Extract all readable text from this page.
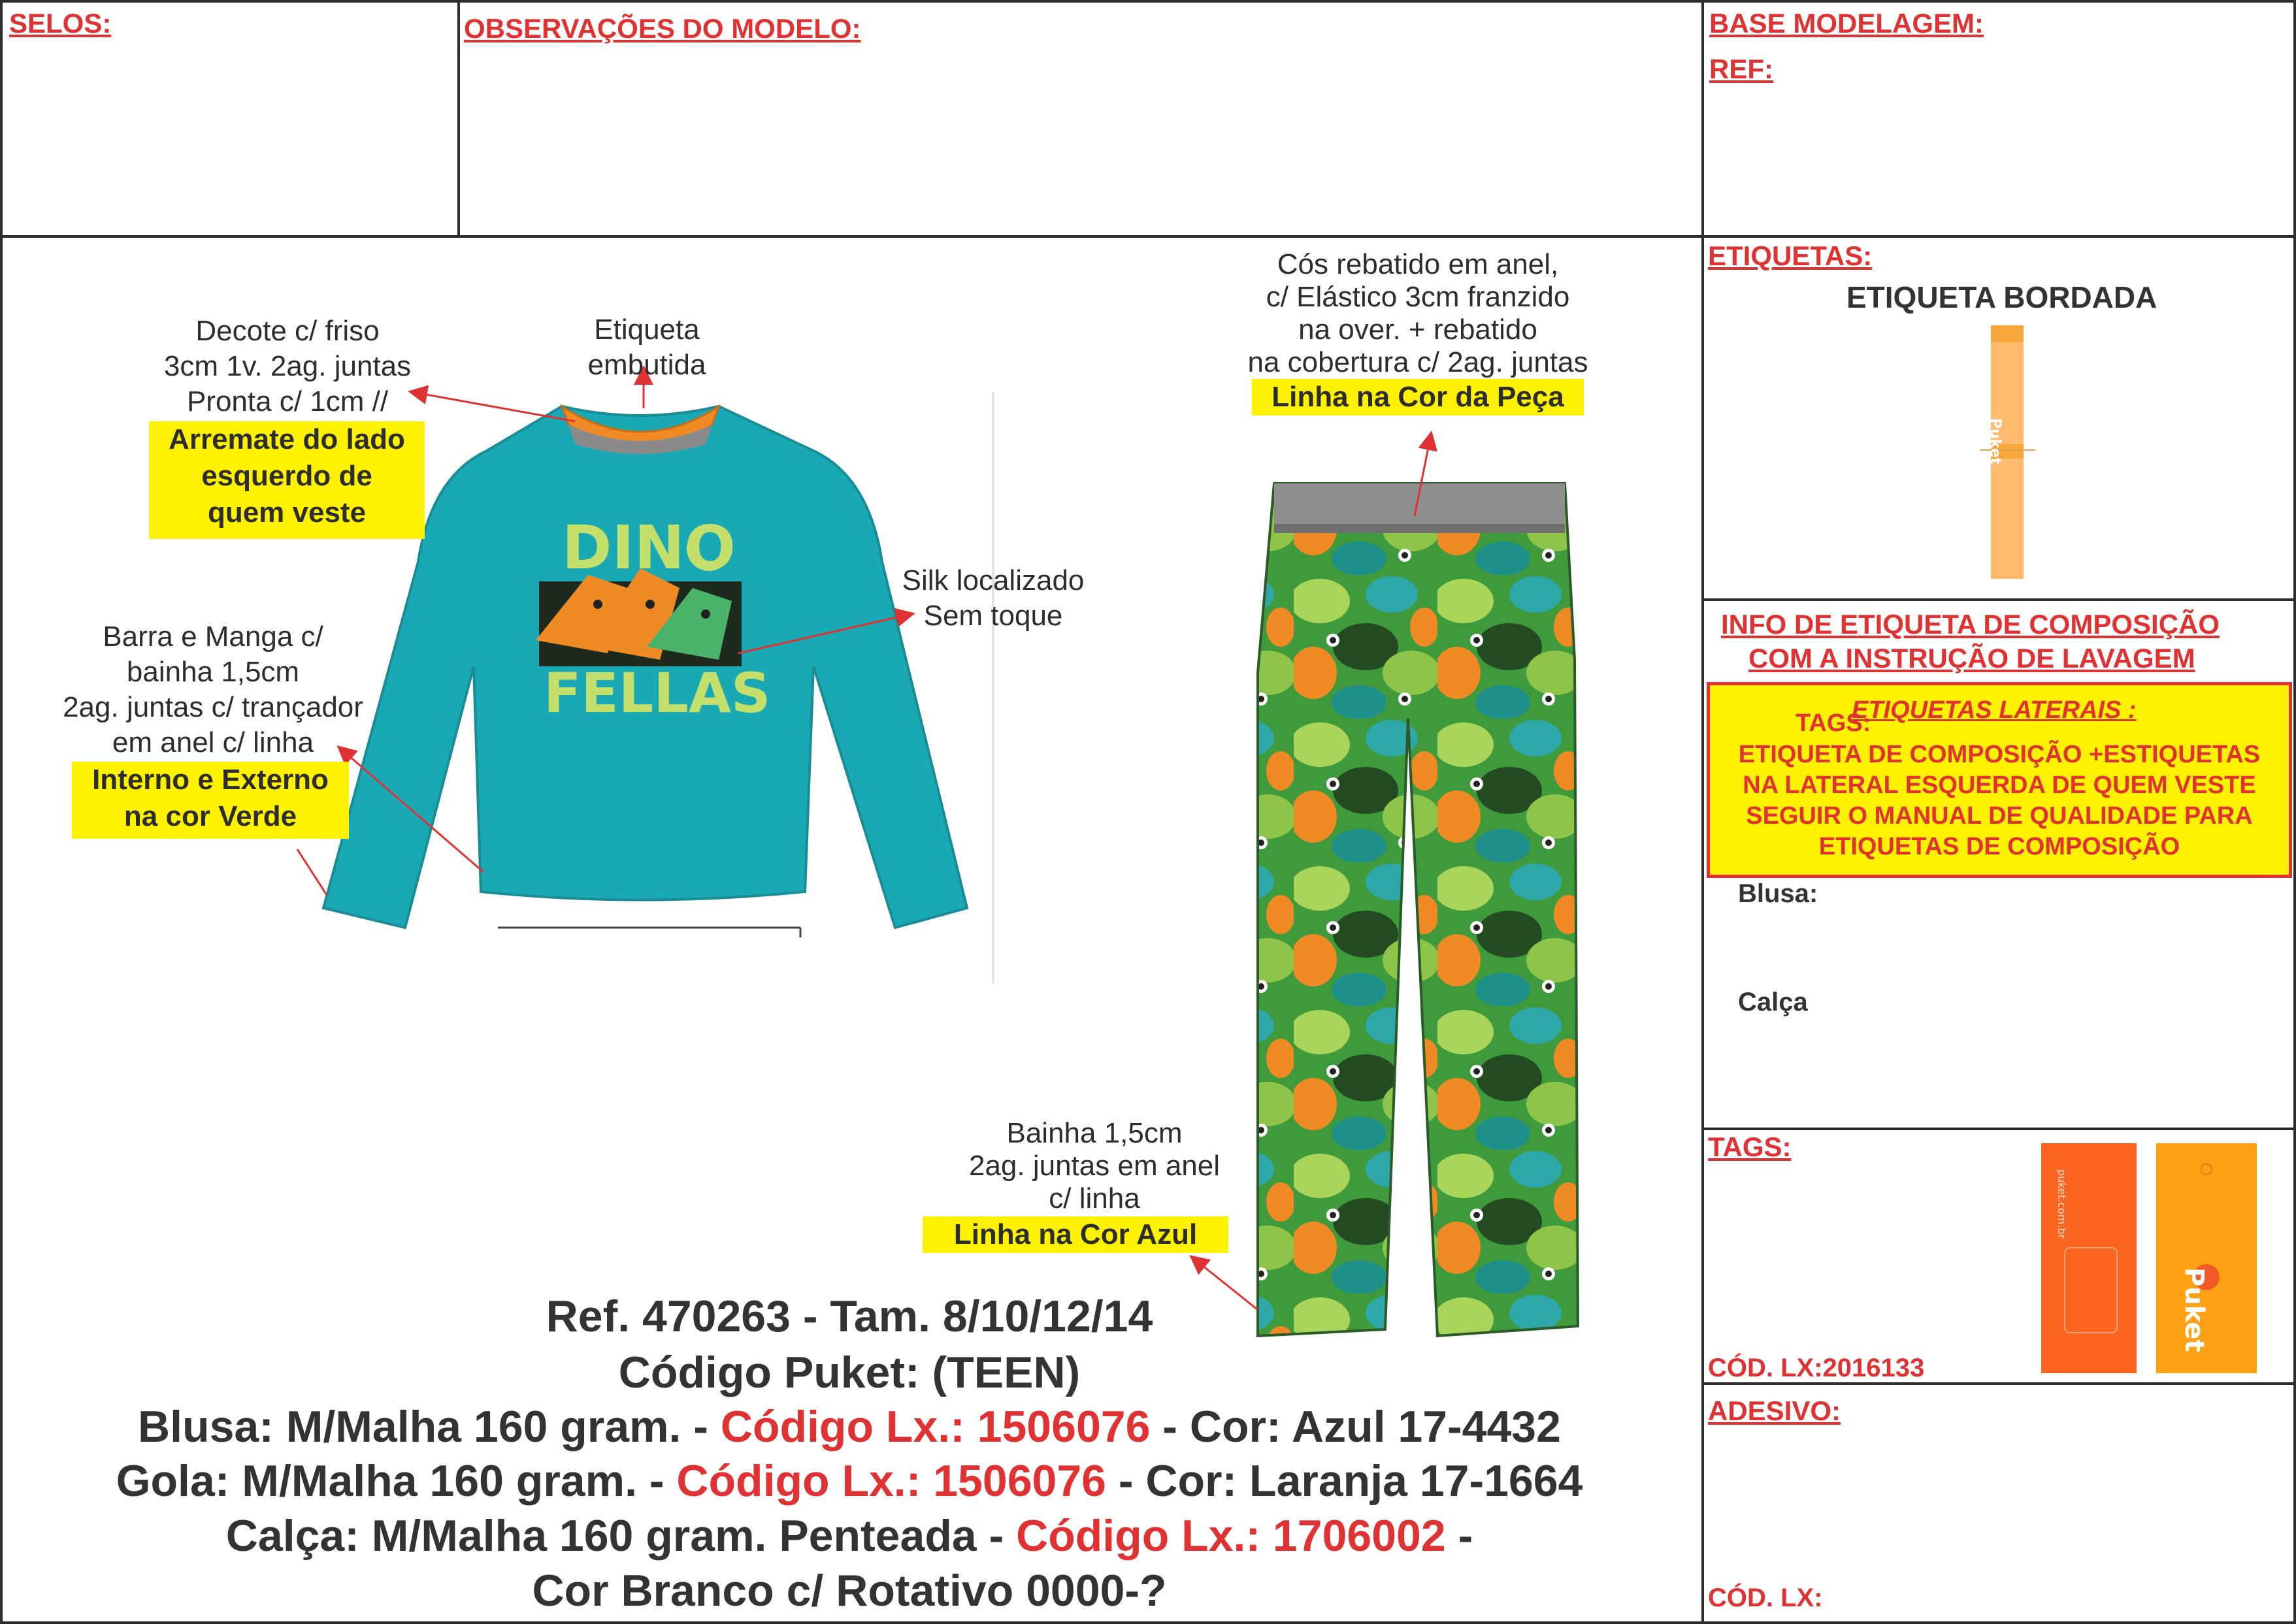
SELOS:	OBSERVAÇÕES DO MODELO:	BASE MODELAGEM:
REF:
DINO
FELLAS
Puket
puket.com.br
Puket
Decote c/ friso
3cm 1v. 2ag. juntas
Pronta c/ 1cm //
Arremate do lado
esquerdo de
quem veste
Etiqueta
embutida
Silk localizado
Sem toque
Barra e Manga c/
bainha 1,5cm
2ag. juntas c/ trançador
em anel c/ linha
Interno e Externo
na cor Verde
Cós rebatido em anel,
c/ Elástico 3cm franzido
na over. + rebatido
na cobertura c/ 2ag. juntas
Linha na Cor da Peça
Bainha 1,5cm
2ag. juntas em anel
c/ linha
Linha na Cor Azul
Ref. 470263 - Tam. 8/10/12/14
Código Puket: (TEEN)
Blusa: M/Malha 160 gram. - Código Lx.: 1506076 - Cor: Azul 17-4432
Gola: M/Malha 160 gram. - Código Lx.: 1506076 - Cor: Laranja 17-1664
Calça: M/Malha 160 gram. Penteada - Código Lx.: 1706002 -
Cor Branco c/ Rotativo 0000-?
ETIQUETAS:
ETIQUETA BORDADA
INFO DE ETIQUETA DE COMPOSIÇÃO
COM A INSTRUÇÃO DE LAVAGEM
TAGS:
ETIQUETAS LATERAIS :
ETIQUETA DE COMPOSIÇÃO +ESTIQUETAS
NA LATERAL ESQUERDA DE QUEM VESTE
SEGUIR O MANUAL DE QUALIDADE PARA
ETIQUETAS DE COMPOSIÇÃO
Blusa:
Calça
TAGS:
CÓD. LX:2016133
ADESIVO:
CÓD. LX:
